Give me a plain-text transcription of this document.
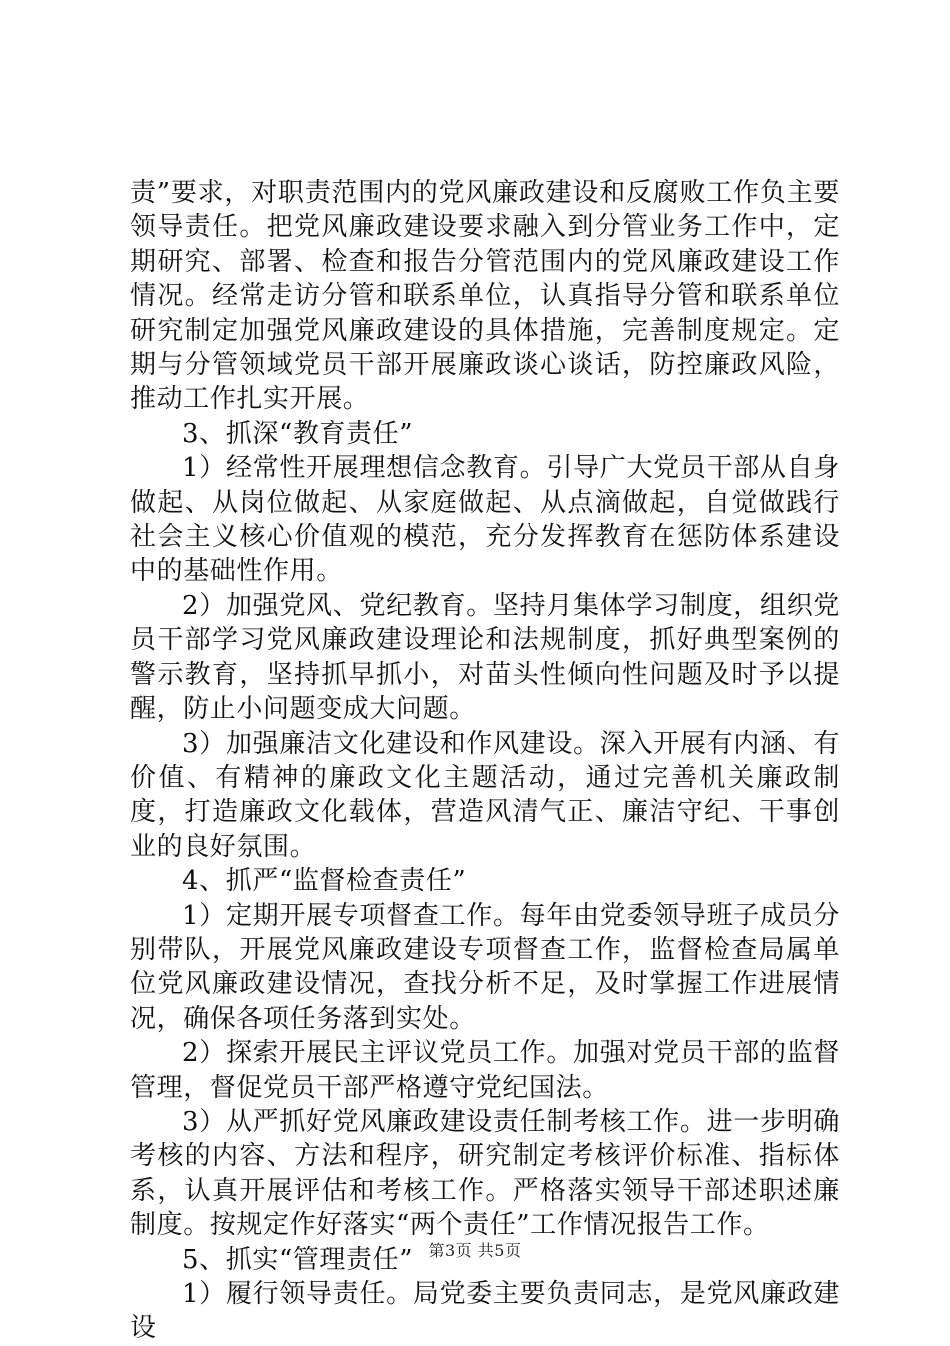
责”要求，对职责范围内的党风廉政建设和反腐败工作负主要领导责任。把党风廉政建设要求融入到分管业务工作中，定期研究、部署、检查和报告分管范围内的党风廉政建设工作情况。经常走访分管和联系单位，认真指导分管和联系单位研究制定加强党风廉政建设的具体措施，完善制度规定。定期与分管领域党员干部开展廉政谈心谈话，防控廉政风险，推动工作扎实开展。

3、抓深“教育责任”

1）经常性开展理想信念教育。引导广大党员干部从自身做起、从岗位做起、从家庭做起、从点滴做起，自觉做践行社会主义核心价值观的模范，充分发挥教育在惩防体系建设中的基础性作用。

2）加强党风、党纪教育。坚持月集体学习制度，组织党员干部学习党风廉政建设理论和法规制度，抓好典型案例的警示教育，坚持抓早抓小，对苗头性倾向性问题及时予以提醒，防止小问题变成大问题。

3）加强廉洁文化建设和作风建设。深入开展有内涵、有价值、有精神的廉政文化主题活动，通过完善机关廉政制度，打造廉政文化载体，营造风清气正、廉洁守纪、干事创业的良好氛围。

4、抓严“监督检查责任”

1）定期开展专项督查工作。每年由党委领导班子成员分别带队，开展党风廉政建设专项督查工作，监督检查局属单位党风廉政建设情况，查找分析不足，及时掌握工作进展情况，确保各项任务落到实处。

2）探索开展民主评议党员工作。加强对党员干部的监督管理，督促党员干部严格遵守党纪国法。

3）从严抓好党风廉政建设责任制考核工作。进一步明确考核的内容、方法和程序，研究制定考核评价标准、指标体系，认真开展评估和考核工作。严格落实领导干部述职述廉制度。按规定作好落实“两个责任”工作情况报告工作。

5、抓实“管理责任”

1）履行领导责任。局党委主要负责同志，是党风廉政建设

第3页 共5页
